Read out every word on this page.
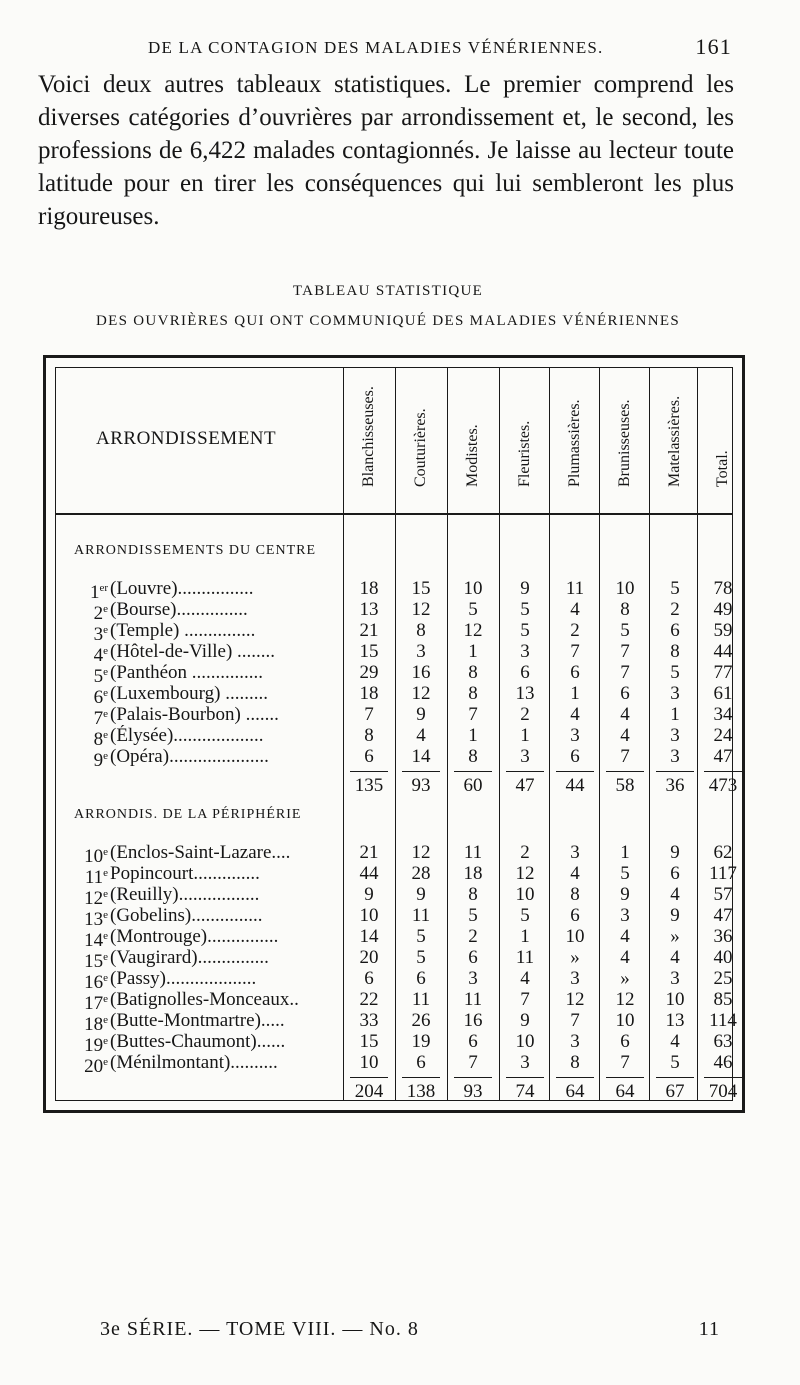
DE LA CONTAGION DES MALADIES VÉNÉRIENNES.	161

Voici deux autres tableaux statistiques. Le premier comprend les diverses catégories d’ouvrières par arrondissement et, le second, les professions de 6,422 malades contagionnés. Je laisse au lecteur toute latitude pour en tirer les conséquences qui lui sembleront les plus rigoureuses.

TABLEAU STATISTIQUE
DES OUVRIÈRES QUI ONT COMMUNIQUÉ DES MALADIES VÉNÉRIENNES
ARRONDISSEMENT	Blanchisseuses. Couturières. Modistes. Fleuristes. Plumassières. Brunisseuses. Matelassières. Total.
ARRONDISSEMENTS DU CENTRE
1er (Louvre)................	18	15	10	9	11	10	5	78
2e (Bourse)...............	13	12	5	5	4	8	2	49
3e (Temple) ...............	21	8	12	5	2	5	6	59
4e (Hôtel-de-Ville) ........	15	3	1	3	7	7	8	44
5e (Panthéon ...............	29	16	8	6	6	7	5	77
6e (Luxembourg) .........	18	12	8	13	1	6	3	61
7e (Palais-Bourbon) .......	7	9	7	2	4	4	1	34
8e (Élysée)...................	8	4	1	1	3	4	3	24
9e (Opéra).....................	6	14	8	3	6	7	3	47
135	93	60	47	44	58	36	473
ARRONDIS. DE LA PÉRIPHÉRIE
10e (Enclos-Saint-Lazare....	21	12	11	2	3	1	9	62
11e Popincourt..............	44	28	18	12	4	5	6	117
12e (Reuilly).................	9	9	8	10	8	9	4	57
13e (Gobelins)...............	10	11	5	5	6	3	9	47
14e (Montrouge)...............	14	5	2	1	10	4	»	36
15e (Vaugirard)...............	20	5	6	11	»	4	4	40
16e (Passy)...................	6	6	3	4	3	»	3	25
17e (Batignolles-Monceaux..	22	11	11	7	12	12	10	85
18e (Butte-Montmartre).....	33	26	16	9	7	10	13	114
19e (Buttes-Chaumont)......	15	19	6	10	3	6	4	63
20e (Ménilmontant)..........	10	6	7	3	8	7	5	46
204	138	93	74	64	64	67	704
3e SÉRIE. — TOME VIII. — No. 8	11
